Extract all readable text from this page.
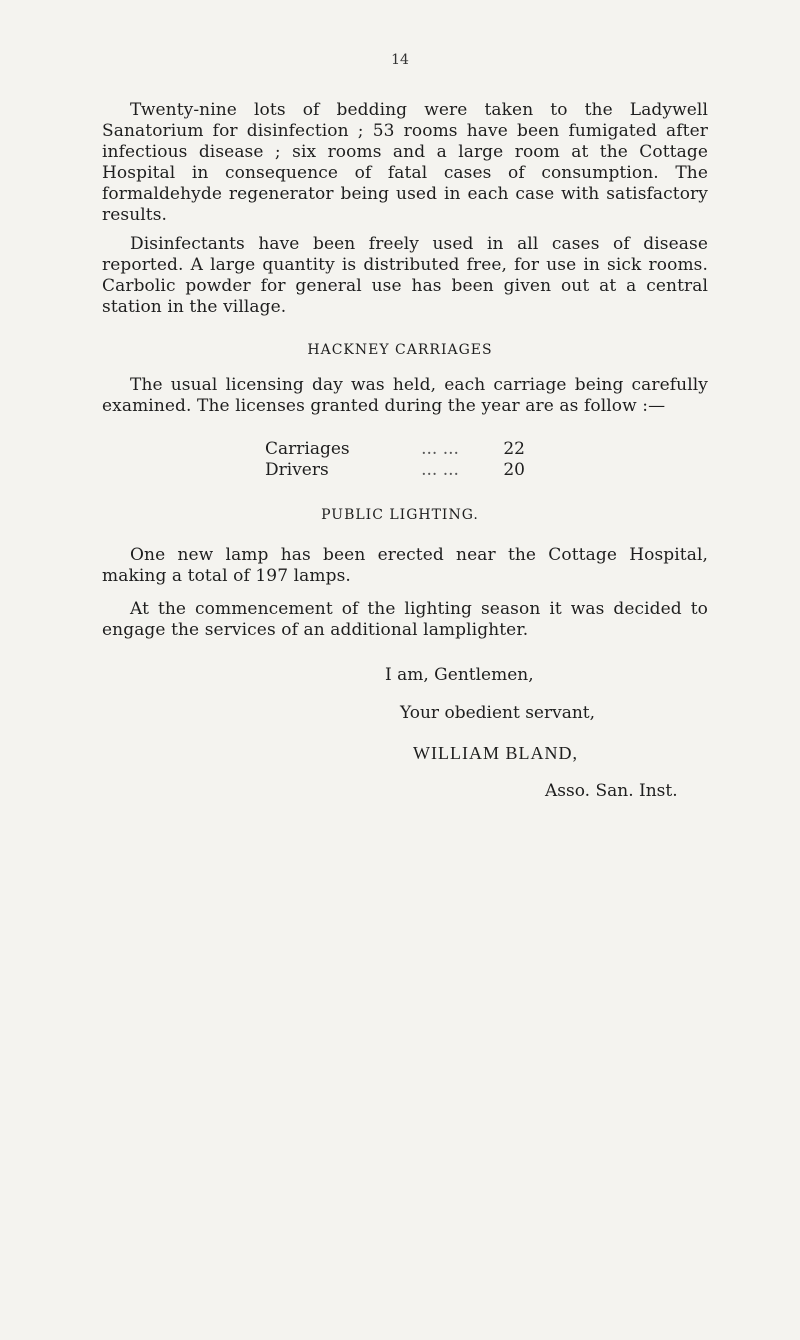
14

Twenty-nine lots of bedding were taken to the Ladywell Sanatorium for disinfection ; 53 rooms have been fumigated after infectious disease ; six rooms and a large room at the Cottage Hospital in consequence of fatal cases of consumption. The formaldehyde regenerator being used in each case with satisfactory results.

Disinfectants have been freely used in all cases of disease reported. A large quantity is distributed free, for use in sick rooms. Carbolic powder for general use has been given out at a central station in the village.

HACKNEY CARRIAGES

The usual licensing day was held, each carriage being carefully examined. The licenses granted during the year are as follow :—

Carriages	... ...	22
Drivers	... ...	20
PUBLIC LIGHTING.

One new lamp has been erected near the Cottage Hospital, making a total of 197 lamps.

At the commencement of the lighting season it was decided to engage the services of an additional lamplighter.

I am, Gentlemen,
Your obedient servant,
WILLIAM BLAND,
Asso. San. Inst.
